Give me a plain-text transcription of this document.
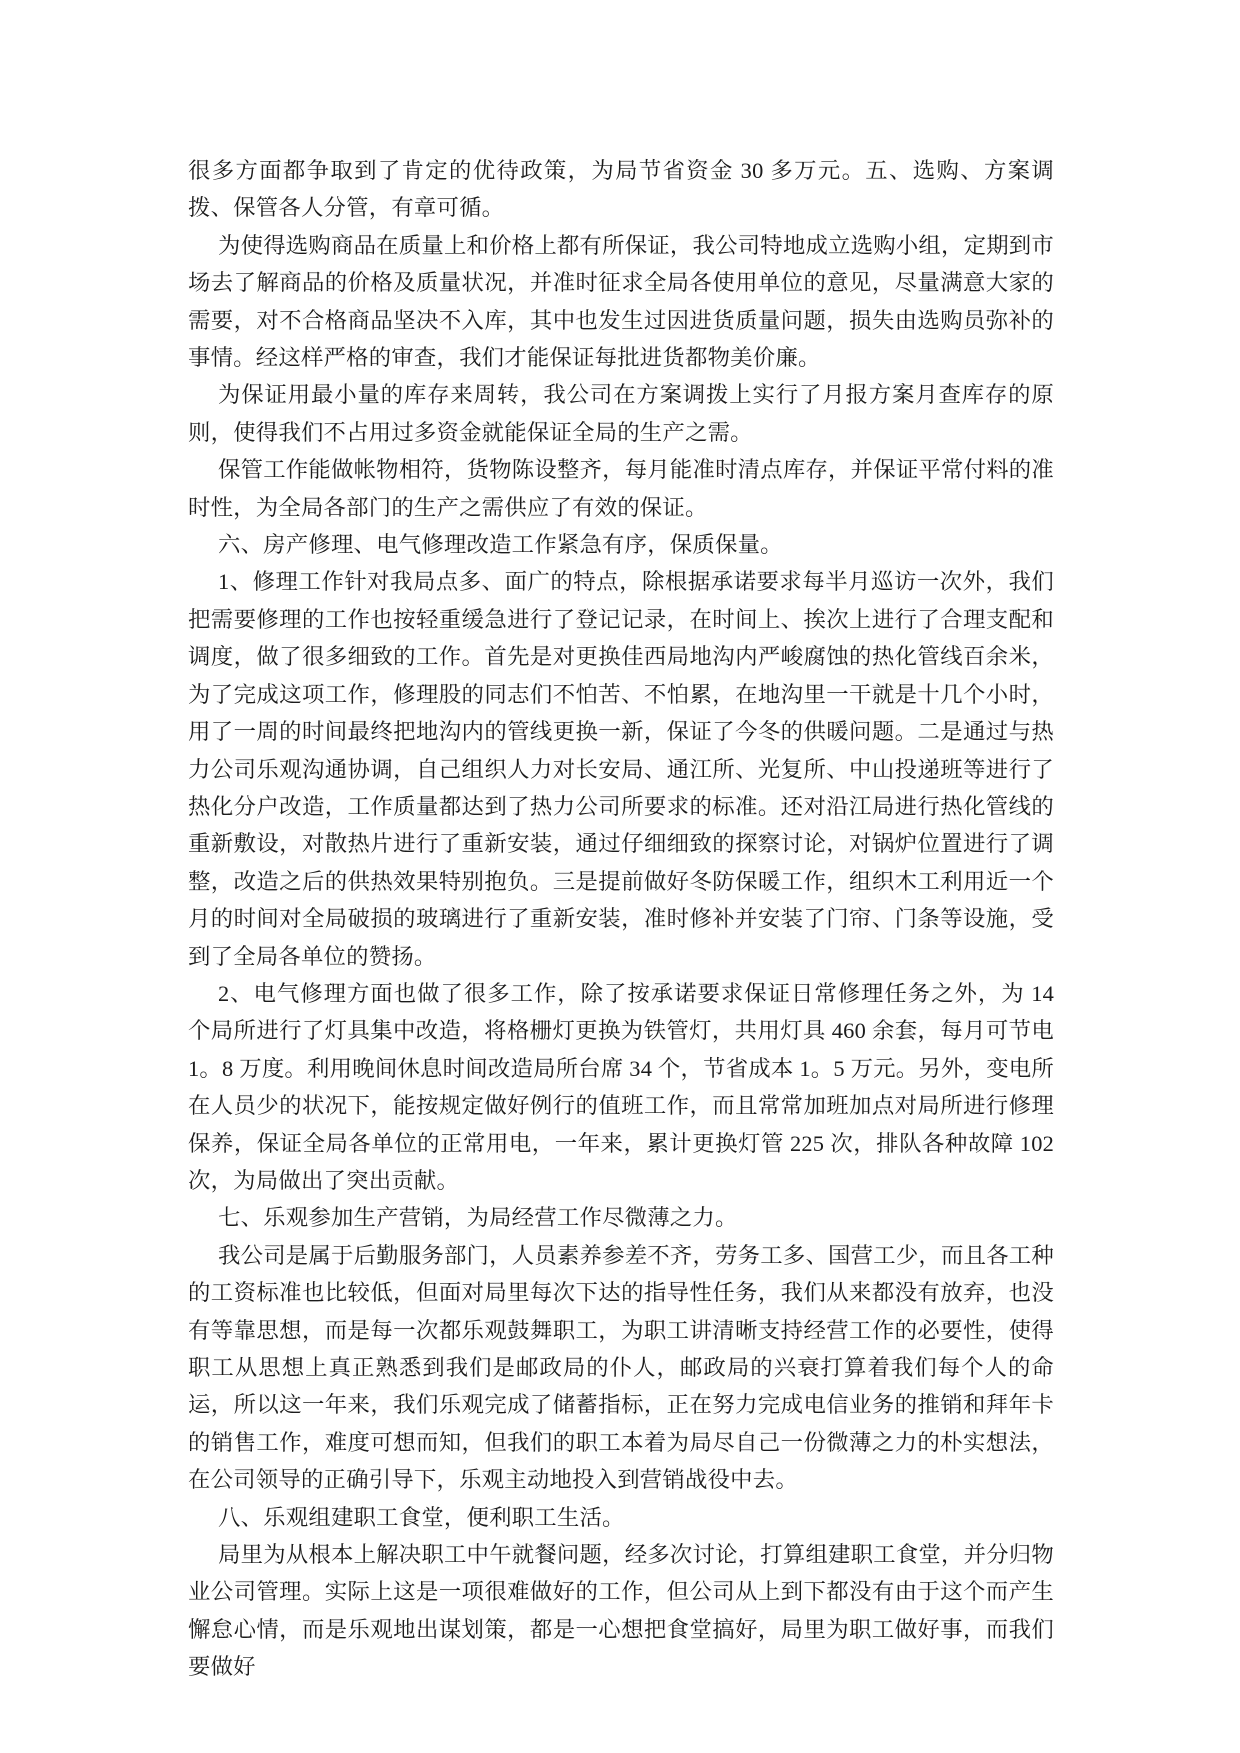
很多方面都争取到了肯定的优待政策，为局节省资金 30 多万元。五、选购、方案调拨、保管各人分管，有章可循。

为使得选购商品在质量上和价格上都有所保证，我公司特地成立选购小组，定期到市场去了解商品的价格及质量状况，并准时征求全局各使用单位的意见，尽量满意大家的需要，对不合格商品坚决不入库，其中也发生过因进货质量问题，损失由选购员弥补的事情。经这样严格的审查，我们才能保证每批进货都物美价廉。

为保证用最小量的库存来周转，我公司在方案调拨上实行了月报方案月查库存的原则，使得我们不占用过多资金就能保证全局的生产之需。

保管工作能做帐物相符，货物陈设整齐，每月能准时清点库存，并保证平常付料的准时性，为全局各部门的生产之需供应了有效的保证。

六、房产修理、电气修理改造工作紧急有序，保质保量。

1、修理工作针对我局点多、面广的特点，除根据承诺要求每半月巡访一次外，我们把需要修理的工作也按轻重缓急进行了登记记录，在时间上、挨次上进行了合理支配和调度，做了很多细致的工作。首先是对更换佳西局地沟内严峻腐蚀的热化管线百余米，为了完成这项工作，修理股的同志们不怕苦、不怕累，在地沟里一干就是十几个小时，用了一周的时间最终把地沟内的管线更换一新，保证了今冬的供暖问题。二是通过与热力公司乐观沟通协调，自己组织人力对长安局、通江所、光复所、中山投递班等进行了热化分户改造，工作质量都达到了热力公司所要求的标准。还对沿江局进行热化管线的重新敷设，对散热片进行了重新安装，通过仔细细致的探察讨论，对锅炉位置进行了调整，改造之后的供热效果特别抱负。三是提前做好冬防保暖工作，组织木工利用近一个月的时间对全局破损的玻璃进行了重新安装，准时修补并安装了门帘、门条等设施，受到了全局各单位的赞扬。

2、电气修理方面也做了很多工作，除了按承诺要求保证日常修理任务之外，为 14 个局所进行了灯具集中改造，将格栅灯更换为铁管灯，共用灯具 460 余套，每月可节电 1。8 万度。利用晚间休息时间改造局所台席 34 个，节省成本 1。5 万元。另外，变电所在人员少的状况下，能按规定做好例行的值班工作，而且常常加班加点对局所进行修理保养，保证全局各单位的正常用电，一年来，累计更换灯管 225 次，排队各种故障 102 次，为局做出了突出贡献。

七、乐观参加生产营销，为局经营工作尽微薄之力。

我公司是属于后勤服务部门，人员素养参差不齐，劳务工多、国营工少，而且各工种的工资标准也比较低，但面对局里每次下达的指导性任务，我们从来都没有放弃，也没有等靠思想，而是每一次都乐观鼓舞职工，为职工讲清晰支持经营工作的必要性，使得职工从思想上真正熟悉到我们是邮政局的仆人，邮政局的兴衰打算着我们每个人的命运，所以这一年来，我们乐观完成了储蓄指标，正在努力完成电信业务的推销和拜年卡的销售工作，难度可想而知，但我们的职工本着为局尽自己一份微薄之力的朴实想法，在公司领导的正确引导下，乐观主动地投入到营销战役中去。

八、乐观组建职工食堂，便利职工生活。

局里为从根本上解决职工中午就餐问题，经多次讨论，打算组建职工食堂，并分归物业公司管理。实际上这是一项很难做好的工作，但公司从上到下都没有由于这个而产生懈怠心情，而是乐观地出谋划策，都是一心想把食堂搞好，局里为职工做好事，而我们要做好
